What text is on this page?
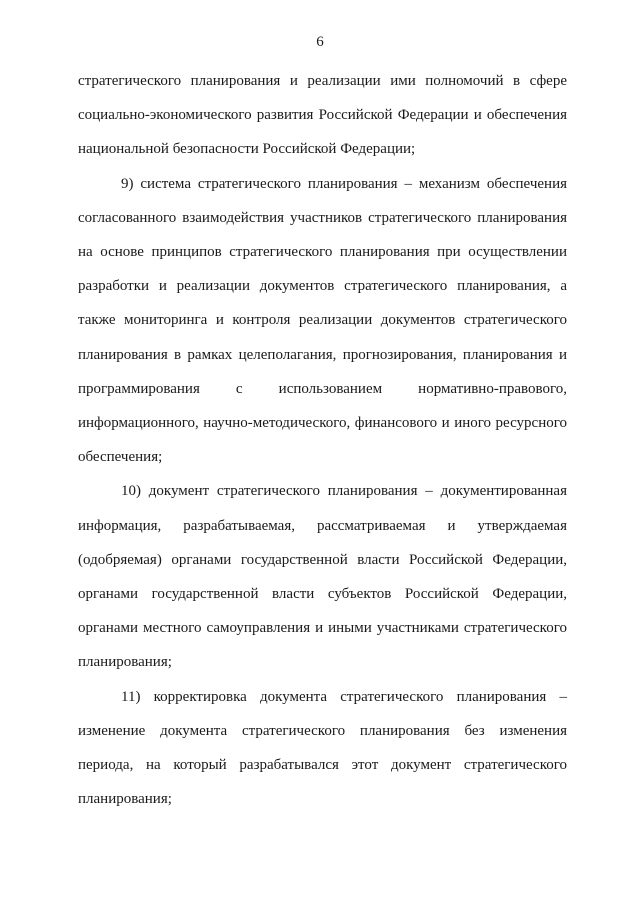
6

стратегического планирования и реализации ими полномочий в сфере социально-экономического развития Российской Федерации и обеспечения национальной безопасности Российской Федерации;

9) система стратегического планирования – механизм обеспечения согласованного взаимодействия участников стратегического планирования на основе принципов стратегического планирования при осуществлении разработки и реализации документов стратегического планирования, а также мониторинга и контроля реализации документов стратегического планирования в рамках целеполагания, прогнозирования, планирования и программирования с использованием нормативно-правового, информационного, научно-методического, финансового и иного ресурсного обеспечения;

10) документ стратегического планирования – документированная информация, разрабатываемая, рассматриваемая и утверждаемая (одобряемая) органами государственной власти Российской Федерации, органами государственной власти субъектов Российской Федерации, органами местного самоуправления и иными участниками стратегического планирования;

11) корректировка документа стратегического планирования – изменение документа стратегического планирования без изменения периода, на который разрабатывался этот документ стратегического планирования;
